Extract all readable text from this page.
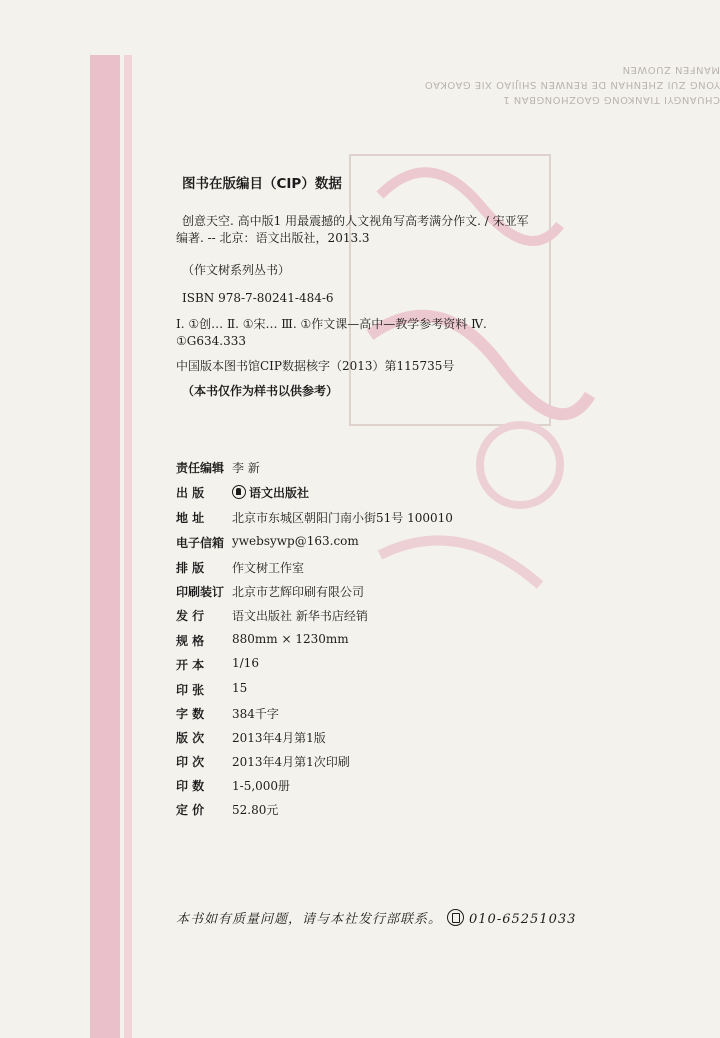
CHUANGYI TIANKONG GAOZHONGBAN 1
YONG ZUI ZHENHAN DE RENWEN SHIJIAO XIE GAOKAO MANFEN ZUOWEN
图书在版编目（CIP）数据
创意天空. 高中版1 用最震撼的人文视角写高考满分作文. / 宋亚军
编著. -- 北京：语文出版社，2013.3
（作文树系列丛书）
ISBN 978-7-80241-484-6
Ⅰ. ①创… Ⅱ. ①宋… Ⅲ. ①作文课—高中—教学参考资料 Ⅳ.
①G634.333
中国版本图书馆CIP数据核字（2013）第115735号
（本书仅作为样书以供参考）
责任编辑 李 新
出 版	语文出版社
地 址 北京市东城区朝阳门南小街51号 100010
电子信箱 ywebsywp@163.com
排 版 作文树工作室
印刷装订 北京市艺辉印刷有限公司
发 行 语文出版社 新华书店经销
规 格 880mm × 1230mm
开 本 1/16
印 张 15
字 数 384千字
版 次 2013年4月第1版
印 次 2013年4月第1次印刷
印 数 1-5,000册
定 价 52.80元
本书如有质量问题，请与本社发行部联系。 010-65251033
